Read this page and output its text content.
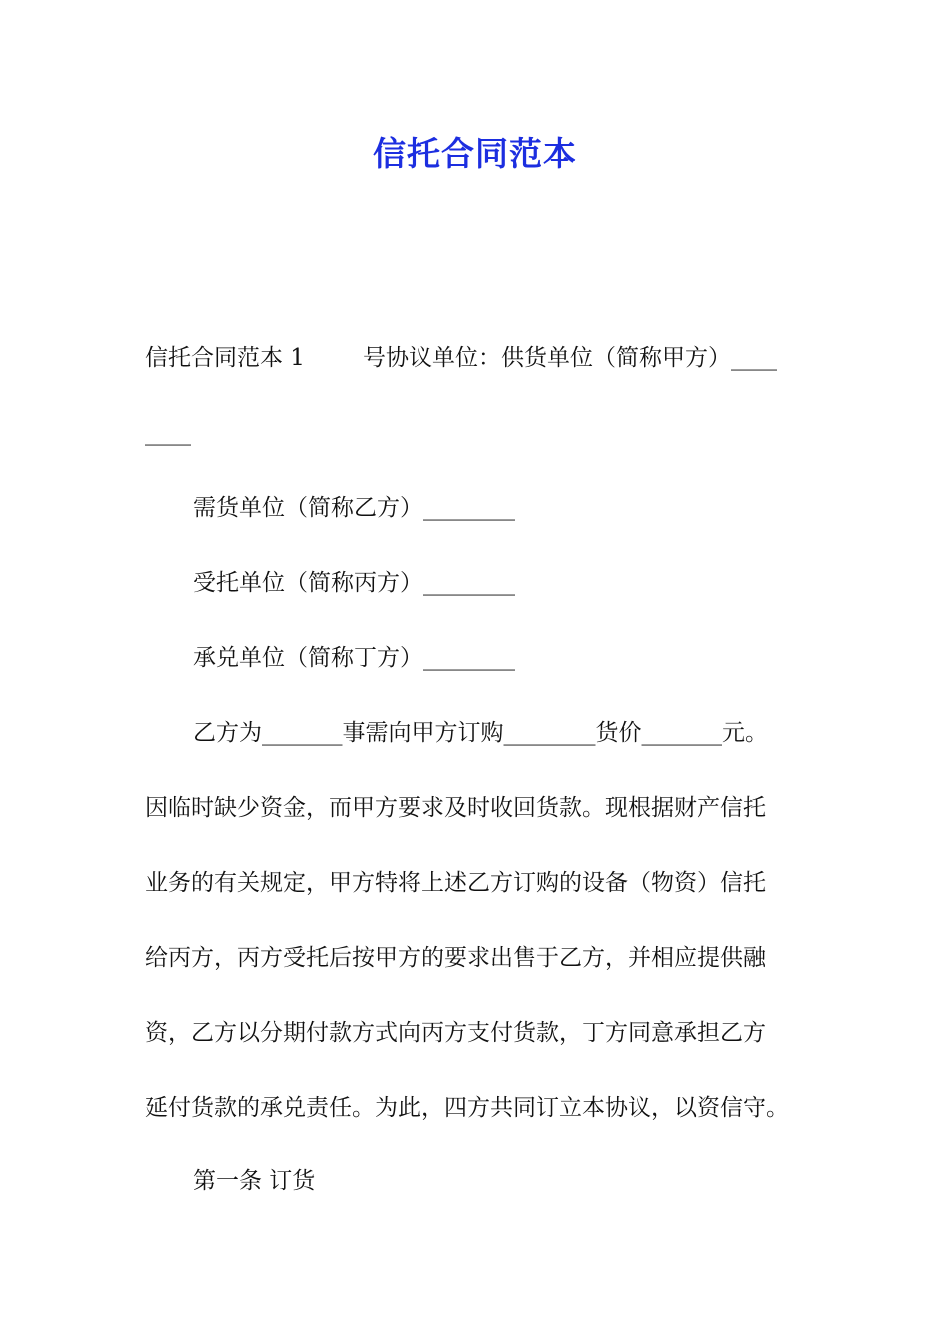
信托合同范本
信托合同范本 1	号协议单位：供货单位（简称甲方）____
____
需货单位（简称乙方）________
受托单位（简称丙方）________
承兑单位（简称丁方）________
乙方为_______事需向甲方订购________货价_______元。
因临时缺少资金，而甲方要求及时收回货款。现根据财产信托
业务的有关规定，甲方特将上述乙方订购的设备（物资）信托
给丙方，丙方受托后按甲方的要求出售于乙方，并相应提供融
资，乙方以分期付款方式向丙方支付货款，丁方同意承担乙方
延付货款的承兑责任。为此，四方共同订立本协议，以资信守。
第一条 订货
